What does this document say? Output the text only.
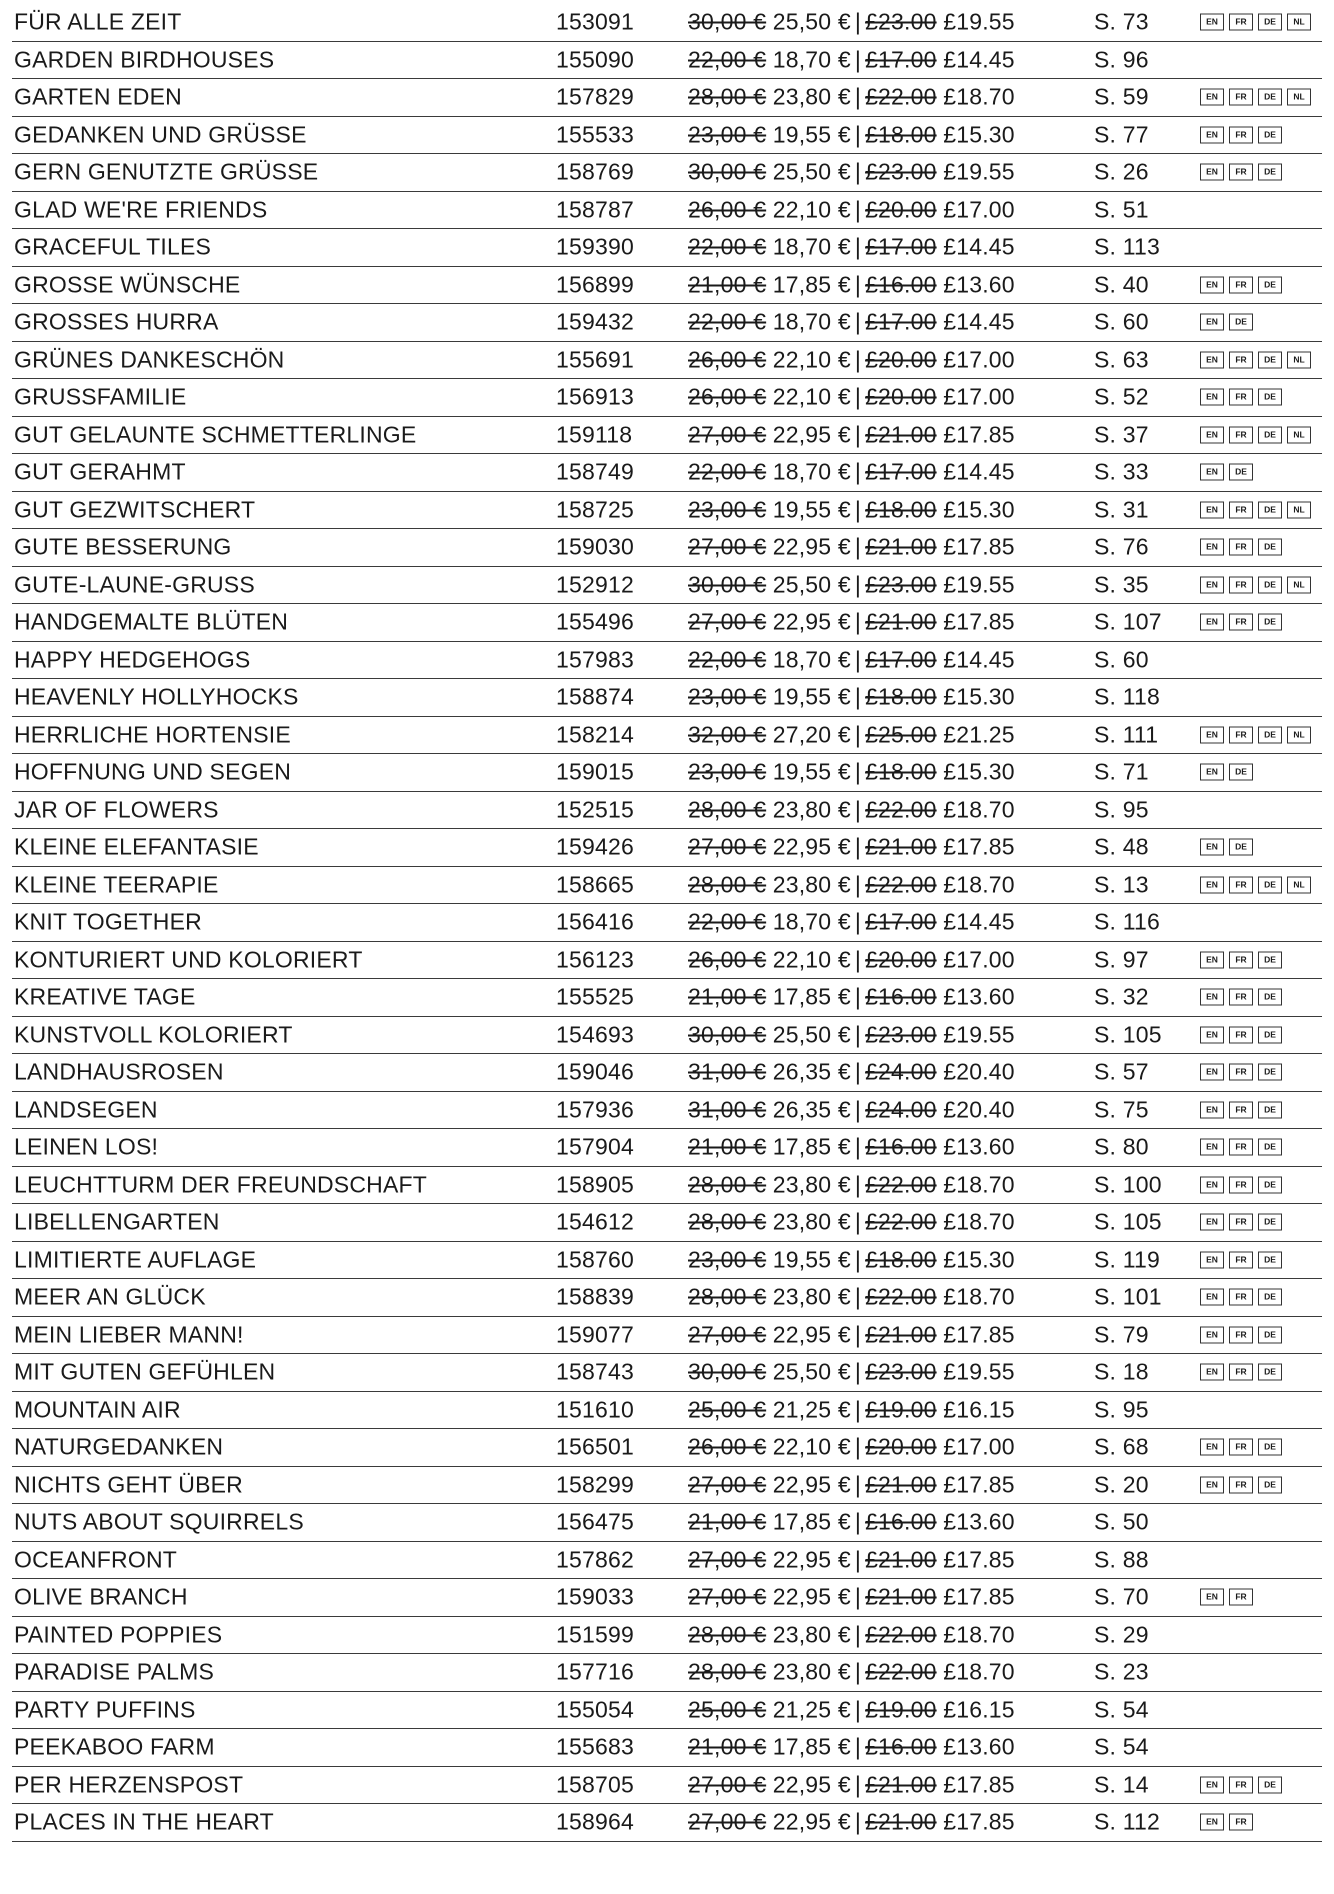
FÜR ALLE ZEIT	153091 30,00 € 25,50 € | £23.00 £19.55	S. 73	EN	FR	DE	NL
GARDEN BIRDHOUSES	155090 22,00 € 18,70 € | £17.00 £14.45	S. 96
GARTEN EDEN	157829 28,00 € 23,80 € | £22.00 £18.70	S. 59	EN	FR	DE	NL
GEDANKEN UND GRÜSSE	155533 23,00 € 19,55 € | £18.00 £15.30	S. 77	EN	FR	DE
GERN GENUTZTE GRÜSSE	158769 30,00 € 25,50 € | £23.00 £19.55	S. 26	EN	FR	DE
GLAD WE'RE FRIENDS	158787 26,00 € 22,10 € | £20.00 £17.00	S. 51
GRACEFUL TILES	159390 22,00 € 18,70 € | £17.00 £14.45	S. 113
GROSSE WÜNSCHE	156899 21,00 € 17,85 € | £16.00 £13.60	S. 40	EN	FR	DE
GROSSES HURRA	159432 22,00 € 18,70 € | £17.00 £14.45	S. 60	EN	DE
GRÜNES DANKESCHÖN	155691 26,00 € 22,10 € | £20.00 £17.00	S. 63	EN	FR	DE	NL
GRUSSFAMILIE	156913 26,00 € 22,10 € | £20.00 £17.00	S. 52	EN	FR	DE
GUT GELAUNTE SCHMETTERLINGE	159118 27,00 € 22,95 € | £21.00 £17.85	S. 37	EN	FR	DE	NL
GUT GERAHMT	158749 22,00 € 18,70 € | £17.00 £14.45	S. 33	EN	DE
GUT GEZWITSCHERT	158725 23,00 € 19,55 € | £18.00 £15.30	S. 31	EN	FR	DE	NL
GUTE BESSERUNG	159030 27,00 € 22,95 € | £21.00 £17.85	S. 76	EN	FR	DE
GUTE-LAUNE-GRUSS	152912 30,00 € 25,50 € | £23.00 £19.55	S. 35	EN	FR	DE	NL
HANDGEMALTE BLÜTEN	155496 27,00 € 22,95 € | £21.00 £17.85	S. 107	EN	FR	DE
HAPPY HEDGEHOGS	157983 22,00 € 18,70 € | £17.00 £14.45	S. 60
HEAVENLY HOLLYHOCKS	158874 23,00 € 19,55 € | £18.00 £15.30	S. 118
HERRLICHE HORTENSIE	158214 32,00 € 27,20 € | £25.00 £21.25	S. 111	EN	FR	DE	NL
HOFFNUNG UND SEGEN	159015 23,00 € 19,55 € | £18.00 £15.30	S. 71	EN	DE
JAR OF FLOWERS	152515 28,00 € 23,80 € | £22.00 £18.70	S. 95
KLEINE ELEFANTASIE	159426 27,00 € 22,95 € | £21.00 £17.85	S. 48	EN	DE
KLEINE TEERAPIE	158665 28,00 € 23,80 € | £22.00 £18.70	S. 13	EN	FR	DE	NL
KNIT TOGETHER	156416 22,00 € 18,70 € | £17.00 £14.45	S. 116
KONTURIERT UND KOLORIERT	156123 26,00 € 22,10 € | £20.00 £17.00	S. 97	EN	FR	DE
KREATIVE TAGE	155525 21,00 € 17,85 € | £16.00 £13.60	S. 32	EN	FR	DE
KUNSTVOLL KOLORIERT	154693 30,00 € 25,50 € | £23.00 £19.55	S. 105	EN	FR	DE
LANDHAUSROSEN	159046 31,00 € 26,35 € | £24.00 £20.40	S. 57	EN	FR	DE
LANDSEGEN	157936 31,00 € 26,35 € | £24.00 £20.40	S. 75	EN	FR	DE
LEINEN LOS!	157904 21,00 € 17,85 € | £16.00 £13.60	S. 80	EN	FR	DE
LEUCHTTURM DER FREUNDSCHAFT	158905 28,00 € 23,80 € | £22.00 £18.70	S. 100	EN	FR	DE
LIBELLENGARTEN	154612 28,00 € 23,80 € | £22.00 £18.70	S. 105	EN	FR	DE
LIMITIERTE AUFLAGE	158760 23,00 € 19,55 € | £18.00 £15.30	S. 119	EN	FR	DE
MEER AN GLÜCK	158839 28,00 € 23,80 € | £22.00 £18.70	S. 101	EN	FR	DE
MEIN LIEBER MANN!	159077 27,00 € 22,95 € | £21.00 £17.85	S. 79	EN	FR	DE
MIT GUTEN GEFÜHLEN	158743 30,00 € 25,50 € | £23.00 £19.55	S. 18	EN	FR	DE
MOUNTAIN AIR	151610 25,00 € 21,25 € | £19.00 £16.15	S. 95
NATURGEDANKEN	156501 26,00 € 22,10 € | £20.00 £17.00	S. 68	EN	FR	DE
NICHTS GEHT ÜBER	158299 27,00 € 22,95 € | £21.00 £17.85	S. 20	EN	FR	DE
NUTS ABOUT SQUIRRELS	156475 21,00 € 17,85 € | £16.00 £13.60	S. 50
OCEANFRONT	157862 27,00 € 22,95 € | £21.00 £17.85	S. 88
OLIVE BRANCH	159033 27,00 € 22,95 € | £21.00 £17.85	S. 70	EN	FR
PAINTED POPPIES	151599 28,00 € 23,80 € | £22.00 £18.70	S. 29
PARADISE PALMS	157716 28,00 € 23,80 € | £22.00 £18.70	S. 23
PARTY PUFFINS	155054 25,00 € 21,25 € | £19.00 £16.15	S. 54
PEEKABOO FARM	155683 21,00 € 17,85 € | £16.00 £13.60	S. 54
PER HERZENSPOST	158705 27,00 € 22,95 € | £21.00 £17.85	S. 14	EN	FR	DE
PLACES IN THE HEART	158964 27,00 € 22,95 € | £21.00 £17.85	S. 112	EN	FR
